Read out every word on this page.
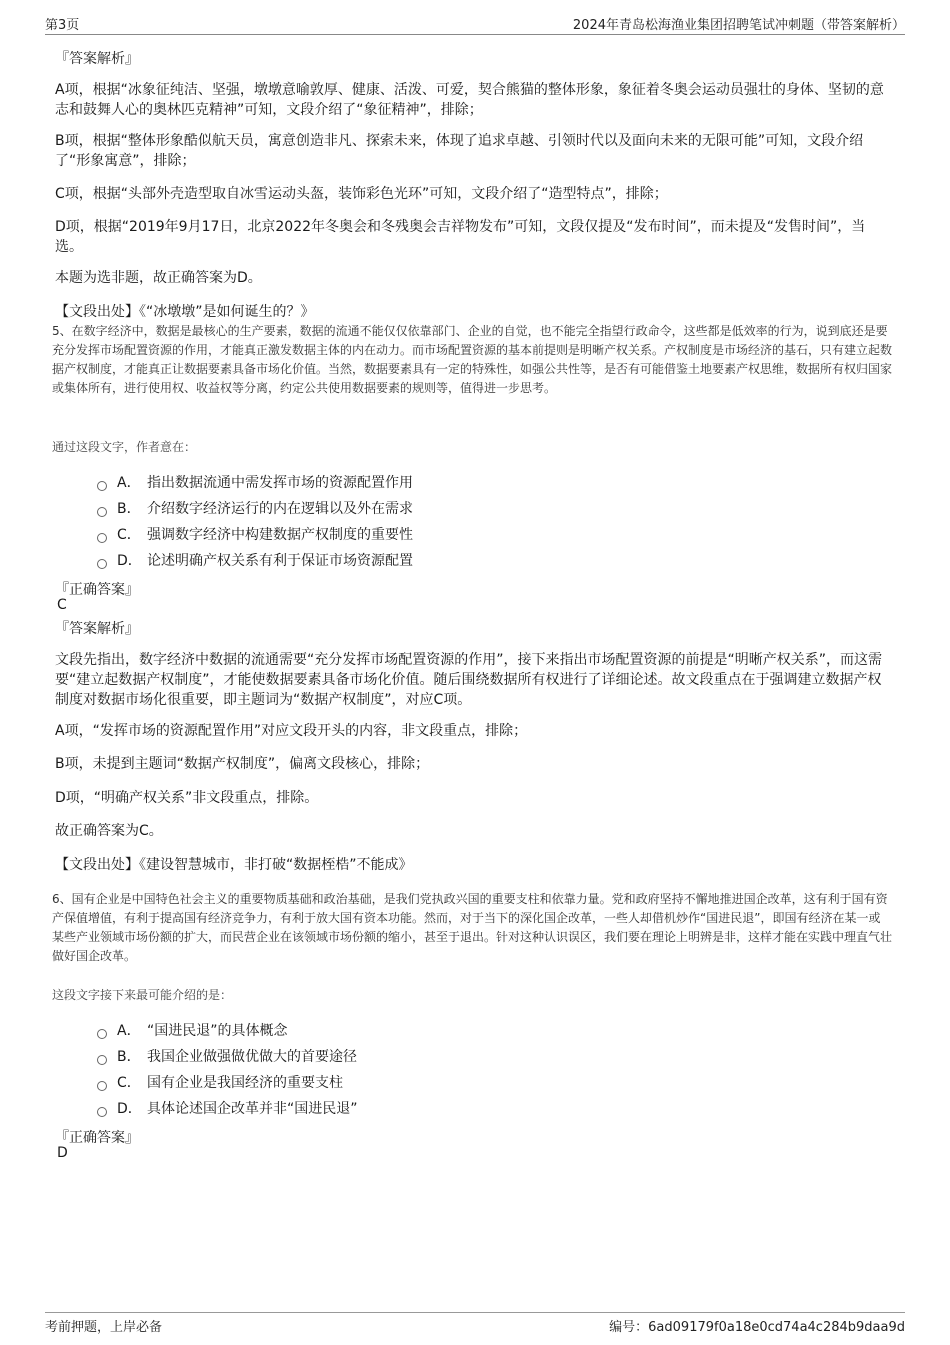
第3页	2024年青岛松海渔业集团招聘笔试冲刺题（带答案解析）
『答案解析』
A项，根据“冰象征纯洁、坚强，墩墩意喻敦厚、健康、活泼、可爱，契合熊猫的整体形象，象征着冬奥会运动员强壮的身体、坚韧的意志和鼓舞人心的奥林匹克精神”可知，文段介绍了“象征精神”，排除；
B项，根据“整体形象酷似航天员，寓意创造非凡、探索未来，体现了追求卓越、引领时代以及面向未来的无限可能”可知，文段介绍了“形象寓意”，排除；
C项，根据“头部外壳造型取自冰雪运动头盔，装饰彩色光环”可知，文段介绍了“造型特点”，排除；
D项，根据“2019年9月17日，北京2022年冬奥会和冬残奥会吉祥物发布”可知，文段仅提及“发布时间”，而未提及“发售时间”，当选。
本题为选非题，故正确答案为D。
【文段出处】《“冰墩墩”是如何诞生的？》
5、在数字经济中，数据是最核心的生产要素，数据的流通不能仅仅依靠部门、企业的自觉，也不能完全指望行政命令，这些都是低效率的行为，说到底还是要充分发挥市场配置资源的作用，才能真正激发数据主体的内在动力。而市场配置资源的基本前提则是明晰产权关系。产权制度是市场经济的基石，只有建立起数据产权制度，才能真正让数据要素具备市场化价值。当然，数据要素具有一定的特殊性，如强公共性等，是否有可能借鉴土地要素产权思维，数据所有权归国家或集体所有，进行使用权、收益权等分离，约定公共使用数据要素的规则等，值得进一步思考。
通过这段文字，作者意在：
A． 指出数据流通中需发挥市场的资源配置作用
B． 介绍数字经济运行的内在逻辑以及外在需求
C． 强调数字经济中构建数据产权制度的重要性
D． 论述明确产权关系有利于保证市场资源配置
『正确答案』
C
『答案解析』
文段先指出，数字经济中数据的流通需要“充分发挥市场配置资源的作用”，接下来指出市场配置资源的前提是“明晰产权关系”，而这需要“建立起数据产权制度”，才能使数据要素具备市场化价值。随后围绕数据所有权进行了详细论述。故文段重点在于强调建立数据产权制度对数据市场化很重要，即主题词为“数据产权制度”，对应C项。
A项，“发挥市场的资源配置作用”对应文段开头的内容，非文段重点，排除；
B项，未提到主题词“数据产权制度”，偏离文段核心，排除；
D项，“明确产权关系”非文段重点，排除。
故正确答案为C。
【文段出处】《建设智慧城市，非打破“数据桎梏”不能成》
6、国有企业是中国特色社会主义的重要物质基础和政治基础，是我们党执政兴国的重要支柱和依靠力量。党和政府坚持不懈地推进国企改革，这有利于国有资产保值增值，有利于提高国有经济竞争力，有利于放大国有资本功能。然而，对于当下的深化国企改革，一些人却借机炒作“国进民退”，即国有经济在某一或某些产业领域市场份额的扩大，而民营企业在该领域市场份额的缩小，甚至于退出。针对这种认识误区，我们要在理论上明辨是非，这样才能在实践中理直气壮做好国企改革。
这段文字接下来最可能介绍的是：
A． “国进民退”的具体概念
B． 我国企业做强做优做大的首要途径
C． 国有企业是我国经济的重要支柱
D． 具体论述国企改革并非“国进民退”
『正确答案』
D
考前押题，上岸必备	编号：6ad09179f0a18e0cd74a4c284b9daa9d
